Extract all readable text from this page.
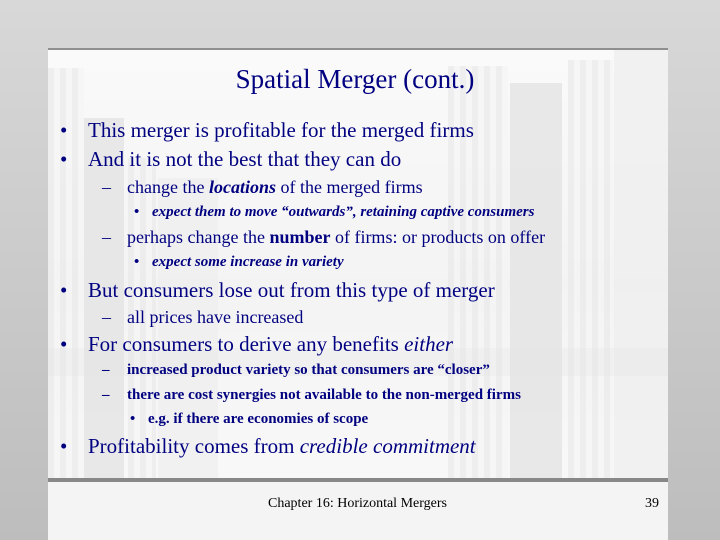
Spatial Merger (cont.)
• This merger is profitable for the merged firms
• And it is not the best that they can do
– change the locations of the merged firms
• expect them to move “outwards”, retaining captive consumers
– perhaps change the number of firms: or products on offer
• expect some increase in variety
• But consumers lose out from this type of merger
– all prices have increased
• For consumers to derive any benefits either
– increased product variety so that consumers are “closer”
– there are cost synergies not available to the non-merged firms
• e.g. if there are economies of scope
• Profitability comes from credible commitment
Chapter 16: Horizontal Mergers	39
